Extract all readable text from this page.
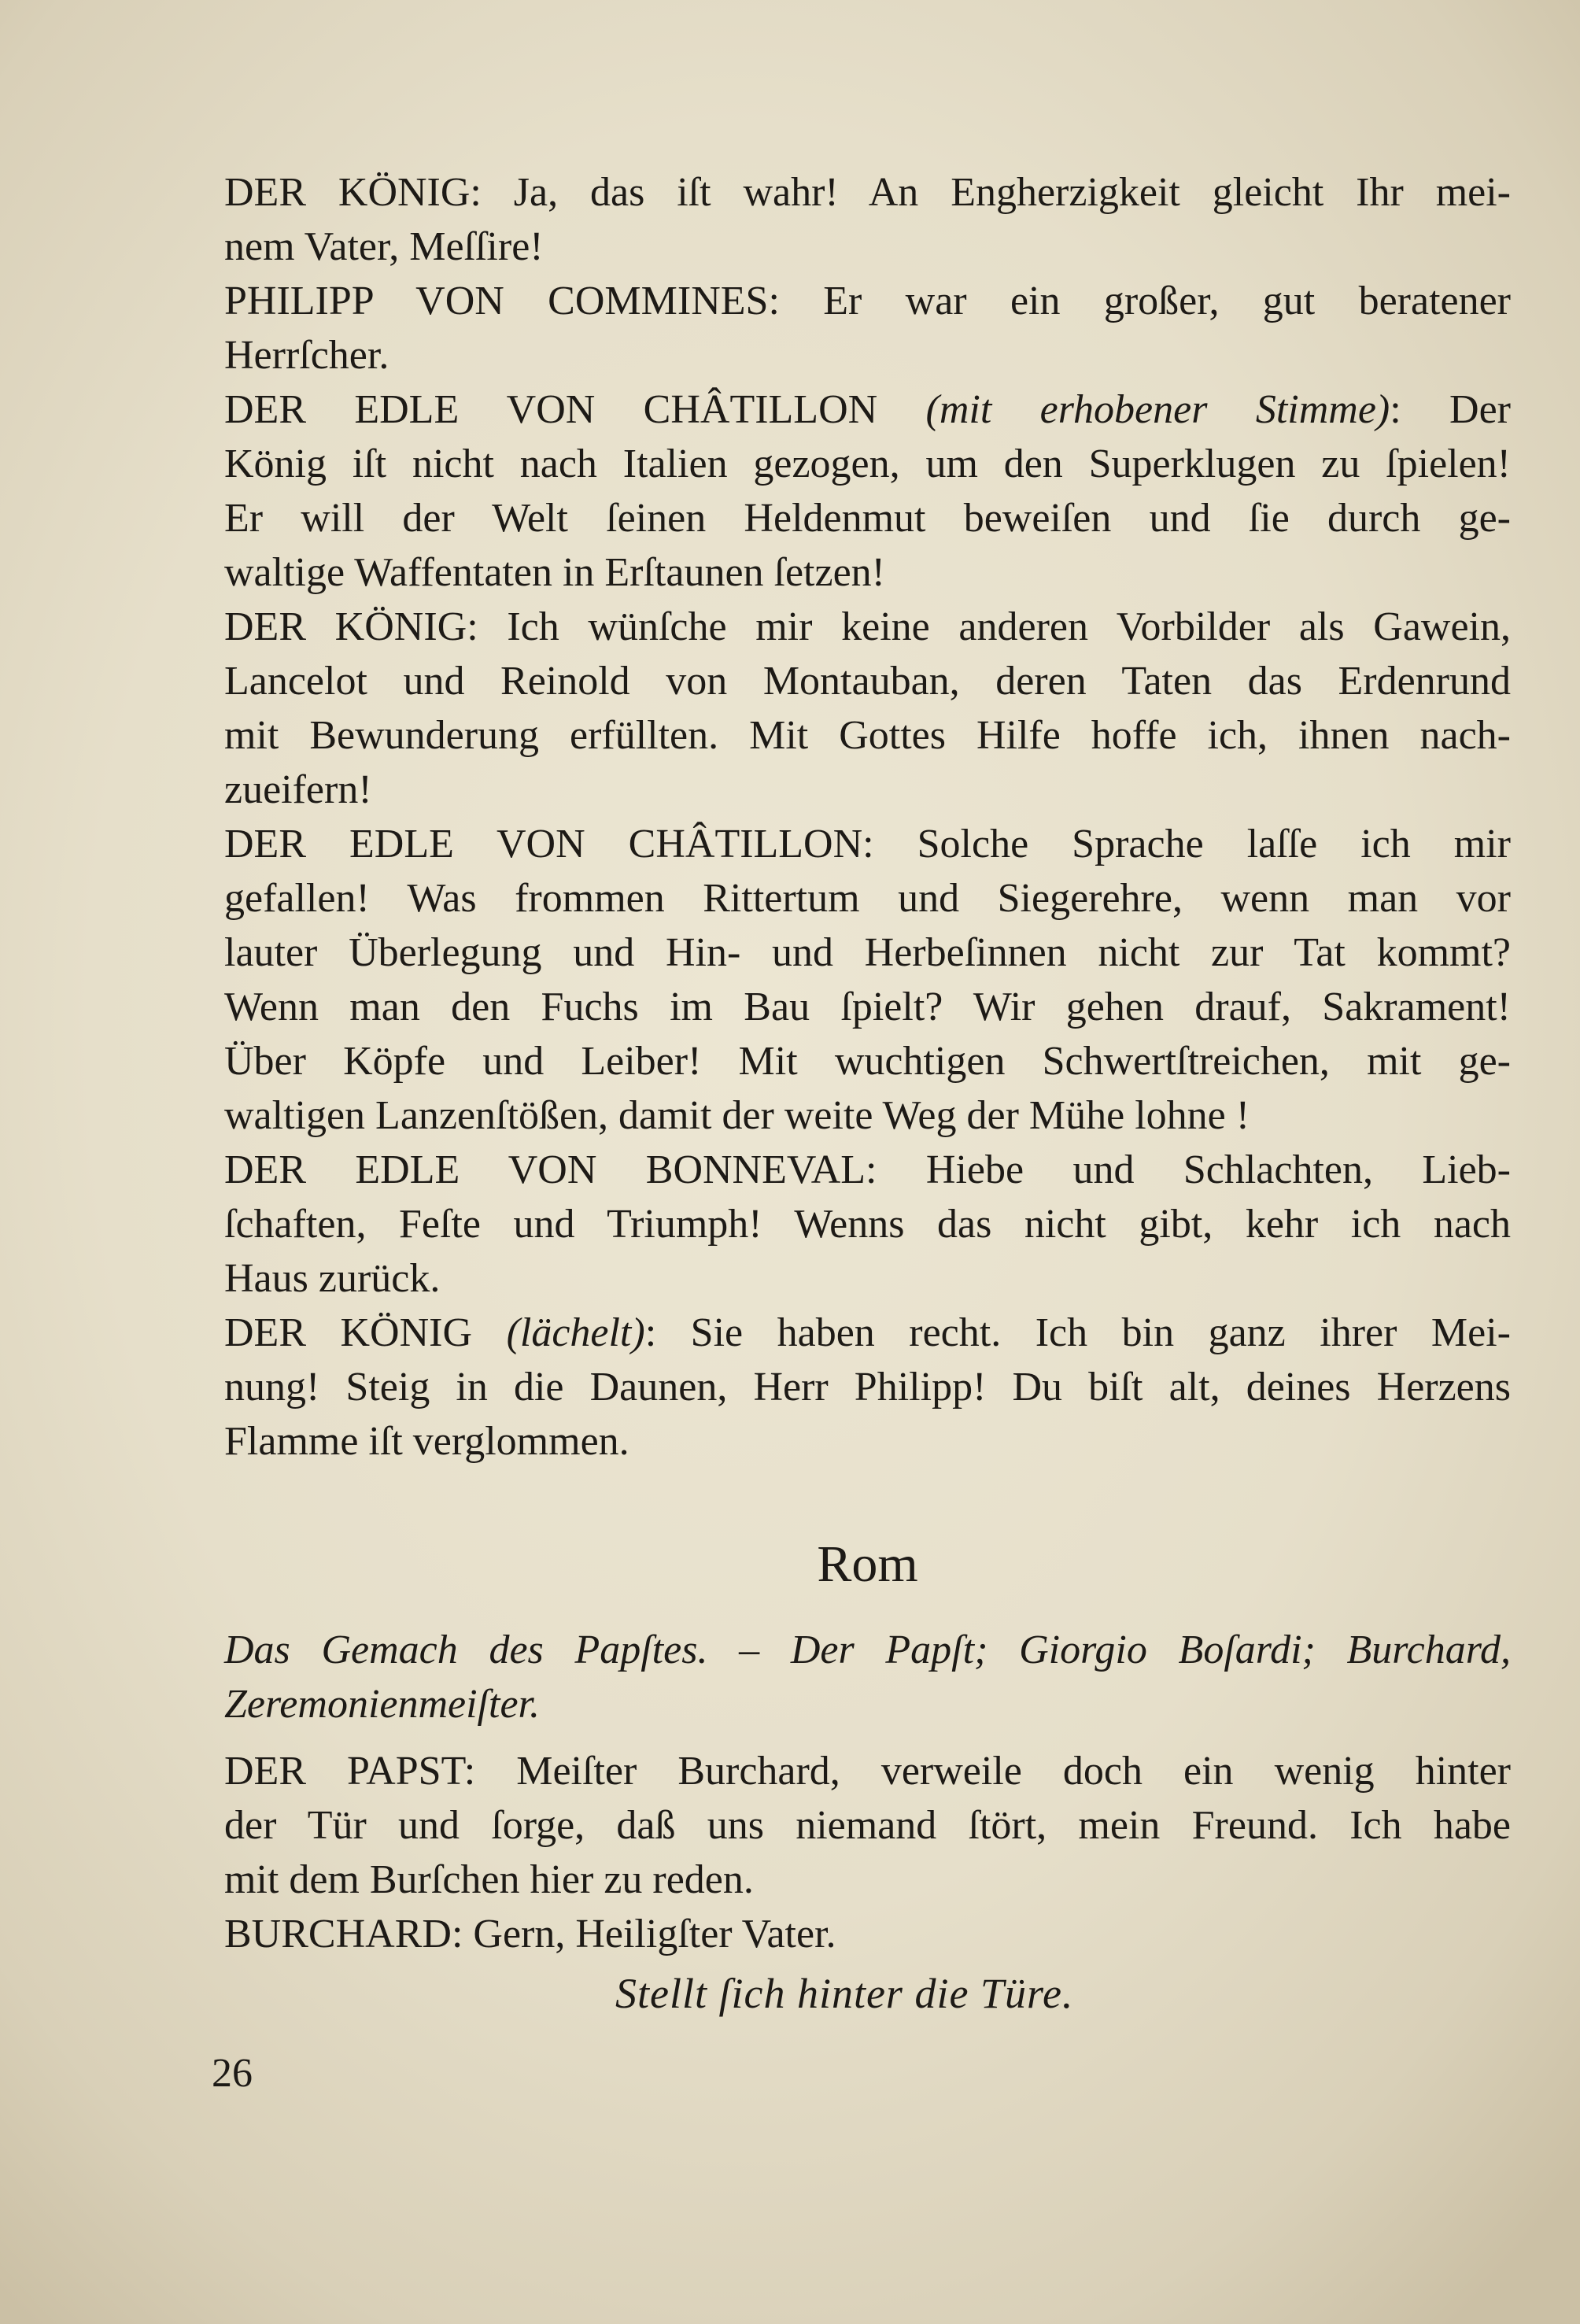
DER KÖNIG: Ja, das iſt wahr! An Engherzigkeit gleicht Ihr mei-
nem Vater, Meſſire!
PHILIPP VON COMMINES: Er war ein großer, gut beratener
Herrſcher.
DER EDLE VON CHÂTILLON (mit erhobener Stimme): Der
König iſt nicht nach Italien gezogen, um den Superklugen zu ſpielen!
Er will der Welt ſeinen Heldenmut beweiſen und ſie durch ge-
waltige Waffentaten in Erſtaunen ſetzen!
DER KÖNIG: Ich wünſche mir keine anderen Vorbilder als Gawein,
Lancelot und Reinold von Montauban, deren Taten das Erdenrund
mit Bewunderung erfüllten. Mit Gottes Hilfe hoffe ich, ihnen nach-
zueifern!
DER EDLE VON CHÂTILLON: Solche Sprache laſſe ich mir
gefallen! Was frommen Rittertum und Siegerehre, wenn man vor
lauter Überlegung und Hin- und Herbeſinnen nicht zur Tat kommt?
Wenn man den Fuchs im Bau ſpielt? Wir gehen drauf, Sakrament!
Über Köpfe und Leiber! Mit wuchtigen Schwertſtreichen, mit ge-
waltigen Lanzenſtößen, damit der weite Weg der Mühe lohne !
DER EDLE VON BONNEVAL: Hiebe und Schlachten, Lieb-
ſchaften, Feſte und Triumph! Wenns das nicht gibt, kehr ich nach
Haus zurück.
DER KÖNIG (lächelt): Sie haben recht. Ich bin ganz ihrer Mei-
nung! Steig in die Daunen, Herr Philipp! Du biſt alt, deines Herzens
Flamme iſt verglommen.
Rom
Das Gemach des Papſtes. – Der Papſt; Giorgio Boſardi; Burchard,
Zeremonienmeiſter.
DER PAPST: Meiſter Burchard, verweile doch ein wenig hinter
der Tür und ſorge, daß uns niemand ſtört, mein Freund. Ich habe
mit dem Burſchen hier zu reden.
BURCHARD: Gern, Heiligſter Vater.
Stellt ſich hinter die Türe.
26
